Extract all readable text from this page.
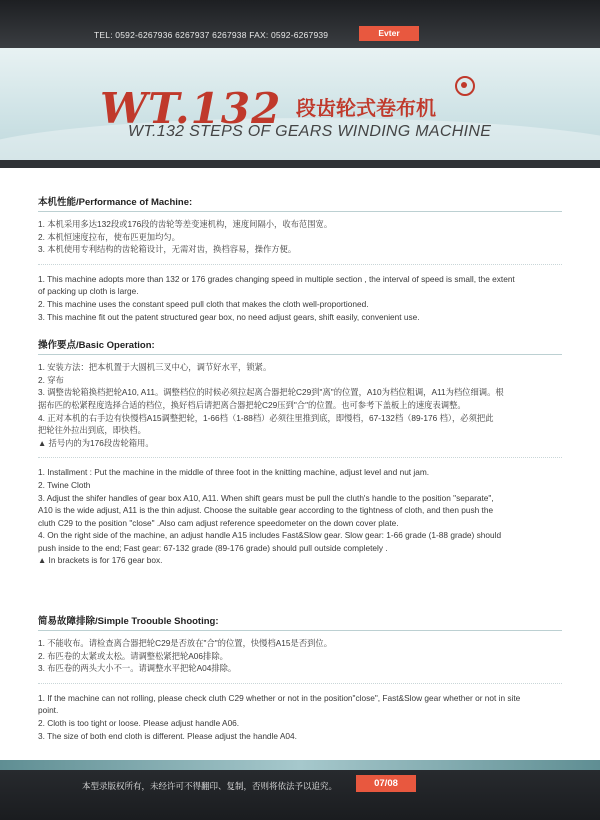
TEL: 0592-6267936 6267937 6267938 FAX: 0592-6267939	Evter
WT.132 段齿轮式卷布机
WT.132 STEPS OF GEARS WINDING MACHINE
本机性能/Performance of Machine:
1. 本机采用多达132段或176段的齿轮等差变速机构，速度间隔小，收布范围宽。
2. 本机恒速度拉布，使布匹更加均匀。
3. 本机使用专利结构的齿轮箱设计，无需对齿，换档容易，操作方便。
1. This machine adopts more than 132 or 176 grades changing speed in multiple section , the interval of speed is small, the extent
of packing up cloth is large.
2. This machine uses the constant speed pull cloth that makes the cloth well-proportioned.
3. This machine fit out the patent structured gear box, no need adjust gears, shift easily, convenient use.
操作要点/Basic Operation:
1. 安装方法：把本机置于大圆机三叉中心，调节好水平，锁紧。
2. 穿布
3. 调整齿轮箱换档把轮A10, A11。调整档位的时候必须拉起离合器把轮C29到"离"的位置，A10为档位粗调，A11为档位细调。根
据布匹的松紧程度选择合适的档位，换好档后请把离合器把轮C29压到"合"的位置。也可参考下盖板上的速度表调整。
4. 正对本机的右手边有快慢档A15调整把轮，1-66档（1-88档）必须往里推到底，即慢档，67-132档（89-176 档），必须把此
把轮往外拉出到底，即快档。
▲ 括号内的为176段齿轮箱用。
1. Installment : Put the machine in the middle of three foot in the knitting machine, adjust level and nut jam.
2. Twine Cloth
3. Adjust the shifer handles of gear box A10, A11. When shift gears must be pull the cluth's handle to the position "separate",
A10 is the wide adjust, A11 is the thin adjust. Choose the suitable gear according to the tightness of cloth, and then push the
cluth C29 to the position "close" .Also cam adjust reference speedometer on the down cover plate.
4. On the right side of the machine, an adjust handle A15 includes Fast&Slow gear. Slow gear: 1-66 grade (1-88 grade) should
push inside to the end; Fast gear: 67-132 grade (89-176 grade) should pull outside completely .
▲ In brackets is for 176 gear box.
简易故障排除/Simple Troouble Shooting:
1. 不能收布。请检查离合器把轮C29是否放在"合"的位置，快慢档A15是否到位。
2. 布匹卷的太紧或太松。请调整松紧把轮A06排除。
3. 布匹卷的两头大小不一。请调整水平把轮A04排除。
1. If the machine can not rolling, please check cluth C29 whether or not in the position"close", Fast&Slow gear whether or not in site
point.
2. Cloth is too tight or loose. Please adjust handle A06.
3. The size of both end cloth is different. Please adjust the handle A04.
本型录版权所有，未经许可不得翻印、复制，否则将依法予以追究。	07/08
